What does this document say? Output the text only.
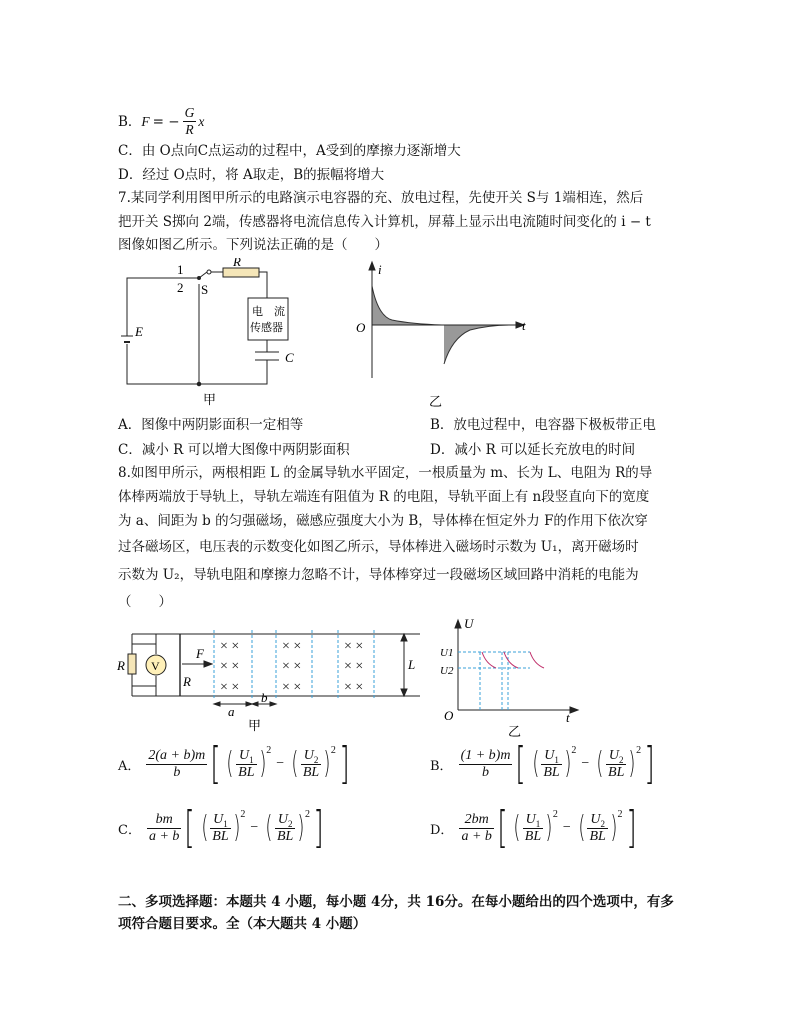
B． F = − $\frac{G}{R}$ x
C．由 O点向C点运动的过程中，A受到的摩擦力逐渐增大
D．经过 O点时，将 A取走，B的振幅将增大
7.某同学利用图甲所示的电路演示电容器的充、放电过程，先使开关 S与 1端相连，然后
把开关 S掷向 2端，传感器将电流信息传入计算机，屏幕上显示出电流随时间变化的 i − t
图像如图乙所示。下列说法正确的是（　　）
1
2 S
R
E
C
电　流
传感器
甲
i
O	t
乙
A．图像中两阴影面积一定相等	B．放电过程中，电容器下极板带正电
C．减小 R 可以增大图像中两阴影面积	D．减小 R 可以延长充放电的时间
8.如图甲所示，两根相距 L 的金属导轨水平固定，一根质量为 m、长为 L、电阻为 R的导
体棒两端放于导轨上，导轨左端连有阻值为 R 的电阻，导轨平面上有 n段竖直向下的宽度
为 a、间距为 b 的匀强磁场，磁感应强度大小为 B，导体棒在恒定外力 F的作用下依次穿
过各磁场区，电压表的示数变化如图乙所示，导体棒进入磁场时示数为 U₁，离开磁场时
示数为 U₂，导轨电阻和摩擦力忽略不计，导体棒穿过一段磁场区域回路中消耗的电能为
（　　）
× ×
× ×
× ×
× ×
× ×
× ×
× ×
× ×
× ×
R V
F
R
L
a
b
甲
U
U1
U2
O	t
乙
A． $\frac{2(a + b)m}{b}$ [ ( $\frac{U_1}{BL}$ ) 2
− ( $\frac{U_2}{BL}$ ) 2 ]	B． $\frac{(1 + b)m}{b}$ [ ( $\frac{U_1}{BL}$ ) 2
− ( $\frac{U_2}{BL}$ ) 2 ]
C． $\frac{bm}{a + b}$ [ ( $\frac{U_1}{BL}$ ) 2
− ( $\frac{U_2}{BL}$ ) 2 ]	D． $\frac{2bm}{a + b}$ [ ( $\frac{U_1}{BL}$ ) 2
− ( $\frac{U_2}{BL}$ ) 2 ]
二、多项选择题：本题共 4 小题，每小题 4分，共 16分。在每小题给出的四个选项中，有多
项符合题目要求。全（本大题共 4 小题）
